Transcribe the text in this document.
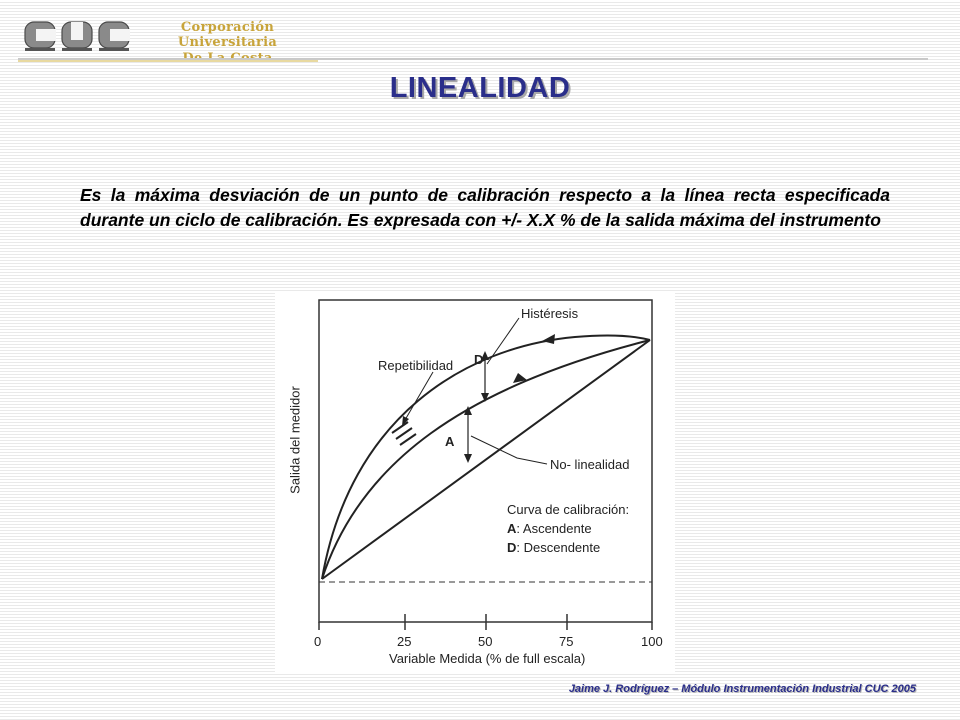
Corporación Universitaria
LINEALIDAD
Es la máxima desviación de un punto de calibración respecto a la línea recta especificada durante un ciclo de calibración. Es expresada con +/- X.X % de la salida máxima del instrumento
Histéresis
Repetibilidad D
A
No- linealidad
Curva de calibración:
A: Ascendente
D: Descendente
0	25	50	75	100
Variable Medida (% de full escala)
Salida del medidor
Jaime J. Rodríguez – Módulo Instrumentación Industrial CUC 2005
